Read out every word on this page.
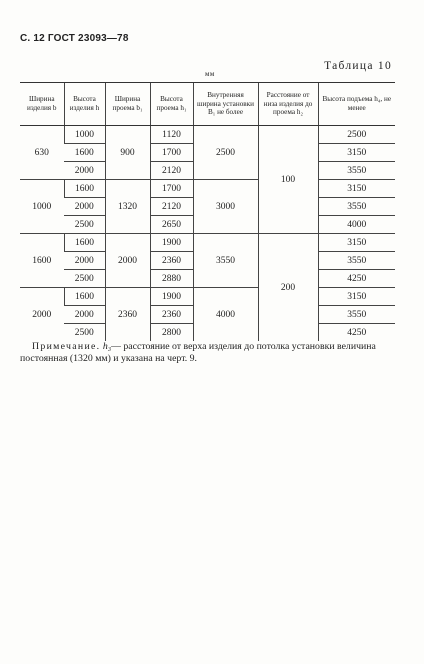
С. 12 ГОСТ 23093—78
Таблица 10
мм
Ширина изделия b	Высота изделия h	Ширина проема b₁	Высота проема h₁	Внутренняя ширина установки B₁ не более	Расстояние от низа изделия до проема h₂	Высота подъема h₄, не менее
630	1000	900	1120	2500	100	2500
	1600		1700			3150
	2000		2120			3550
1000	1600	1320	1700	3000		3150
	2000		2120			3550
	2500		2650			4000
1600	1600	2000	1900	3550	200	3150
	2000		2360			3550
	2500		2880			4250
2000	1600	2360	1900	4000		3150
	2000		2360			3550
	2500		2800			4250
Примечание. h₃— расстояние от верха изделия до потолка установки величина постоянная (1320 мм) и указана на черт. 9.
